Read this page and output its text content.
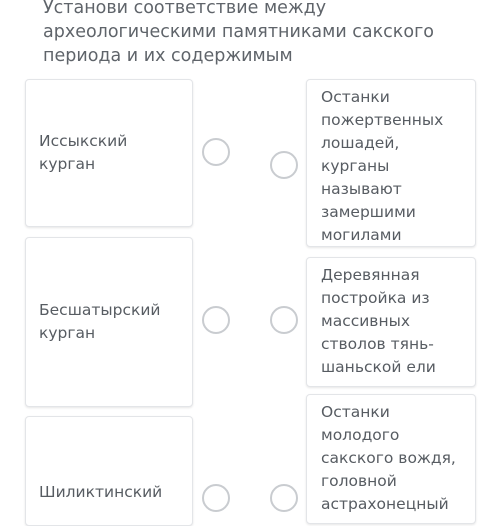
Установи соответствие между
археологическими памятниками сакского
периода и их содержимым
Иссыкский курган
Бесшатырский курган
Шиликтинский
Останки пожертвенных лошадей, курганы называют замершими могилами
Деревянная постройка из массивных стволов тянь-шаньской ели
Останки молодого сакского вождя, головной астрахонецный
